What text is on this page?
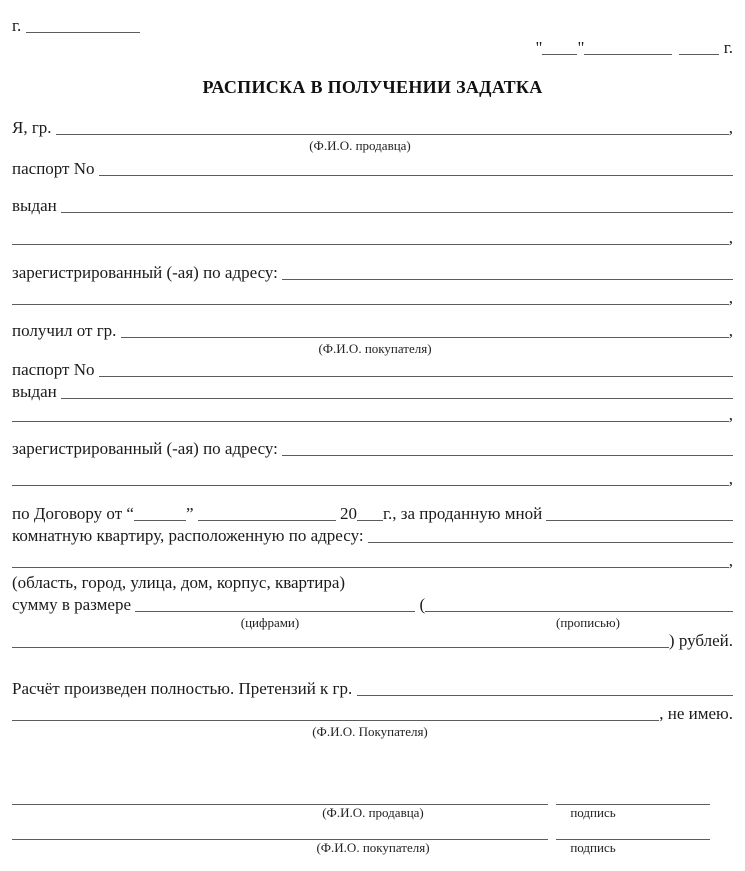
г.
" "	г.
РАСПИСКА В ПОЛУЧЕНИИ ЗАДАТКА
Я, гр.	,
(Ф.И.О. продавца)
паспорт No
выдан
,
зарегистрированный (-ая) по адресу:
,
получил от гр.	,
(Ф.И.О. покупателя)
паспорт No
выдан
,
зарегистрированный (-ая) по адресу:
,
по Договору от “	”	20 г., за проданную мной
комнатную квартиру, расположенную по адресу:
,
(область, город, улица, дом, корпус, квартира)
сумму в размере	(
(цифрами)	(прописью)
) рублей.
Расчёт произведен полностью. Претензий к гр.
, не имею.
(Ф.И.О. Покупателя)
(Ф.И.О. продавца)	подпись
(Ф.И.О. покупателя)	подпись
